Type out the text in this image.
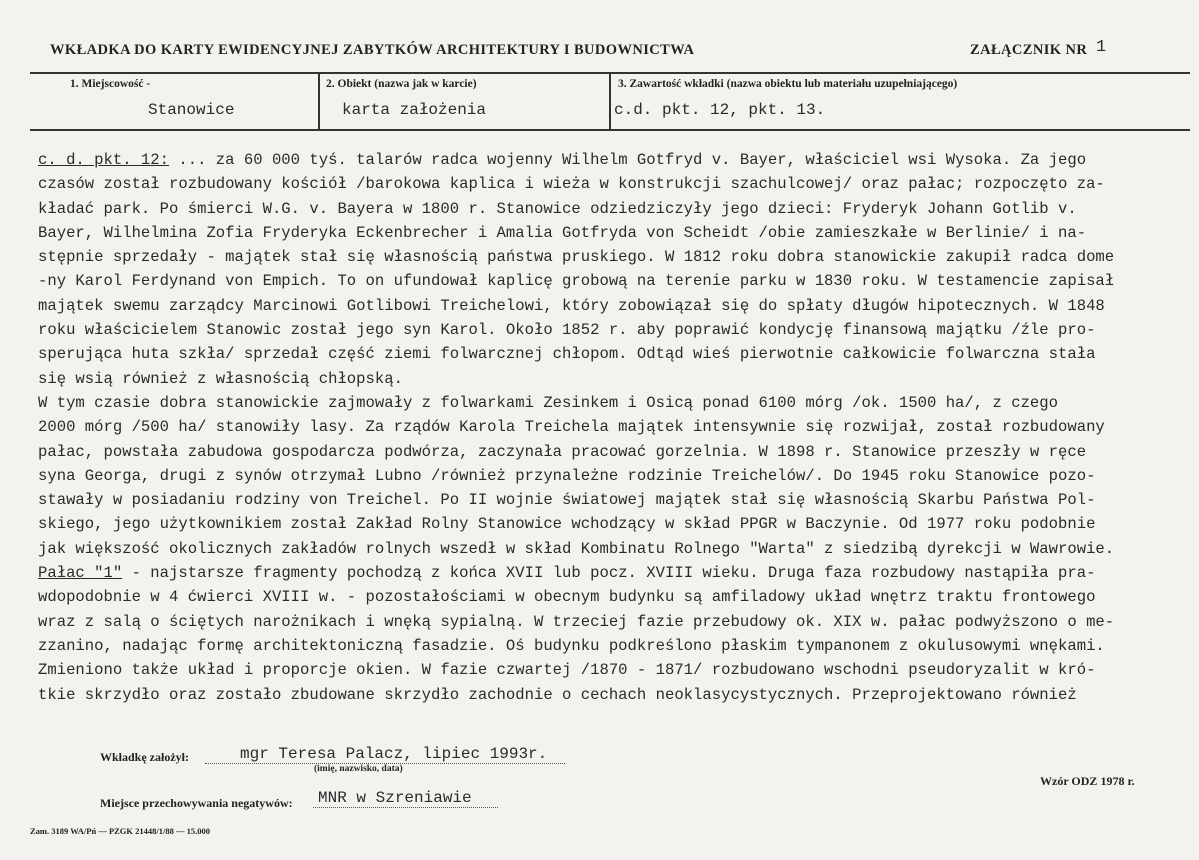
WKŁADKA DO KARTY EWIDENCYJNEJ ZABYTKÓW ARCHITEKTURY I BUDOWNICTWA	ZAŁĄCZNIK NR 1
1. Miejscowość -
Stanowice
2. Obiekt (nazwa jak w karcie)
karta założenia
3. Zawartość wkładki (nazwa obiektu lub materiału uzupełniającego)
c.d. pkt. 12, pkt. 13.
c. d. pkt. 12: ... za 60 000 tyś. talarów radca wojenny Wilhelm Gotfryd v. Bayer, właściciel wsi Wysoka. Za jego
czasów został rozbudowany kościół /barokowa kaplica i wieża w konstrukcji szachulcowej/ oraz pałac; rozpoczęto za-
kładać park. Po śmierci W.G. v. Bayera w 1800 r. Stanowice odziedziczyły jego dzieci: Fryderyk Johann Gotlib v.
Bayer, Wilhelmina Zofia Fryderyka Eckenbrecher i Amalia Gotfryda von Scheidt /obie zamieszkałe w Berlinie/ i na-
stępnie sprzedały - majątek stał się własnością państwa pruskiego. W 1812 roku dobra stanowickie zakupił radca dome
-ny Karol Ferdynand von Empich. To on ufundował kaplicę grobową na terenie parku w 1830 roku. W testamencie zapisał
majątek swemu zarządcy Marcinowi Gotlibowi Treichelowi, który zobowiązał się do spłaty długów hipotecznych. W 1848
roku właścicielem Stanowic został jego syn Karol. Około 1852 r. aby poprawić kondycję finansową majątku /źle pro-
sperująca huta szkła/ sprzedał część ziemi folwarcznej chłopom. Odtąd wieś pierwotnie całkowicie folwarczna stała
się wsią również z własnością chłopską.
W tym czasie dobra stanowickie zajmowały z folwarkami Zesinkem i Osicą ponad 6100 mórg /ok. 1500 ha/, z czego
2000 mórg /500 ha/ stanowiły lasy. Za rządów Karola Treichela majątek intensywnie się rozwijał, został rozbudowany
pałac, powstała zabudowa gospodarcza podwórza, zaczynała pracować gorzelnia. W 1898 r. Stanowice przeszły w ręce
syna Georga, drugi z synów otrzymał Lubno /również przynależne rodzinie Treichelów/. Do 1945 roku Stanowice pozo-
stawały w posiadaniu rodziny von Treichel. Po II wojnie światowej majątek stał się własnością Skarbu Państwa Pol-
skiego, jego użytkownikiem został Zakład Rolny Stanowice wchodzący w skład PPGR w Baczynie. Od 1977 roku podobnie
jak większość okolicznych zakładów rolnych wszedł w skład Kombinatu Rolnego "Warta" z siedzibą dyrekcji w Wawrowie.
Pałac "1" - najstarsze fragmenty pochodzą z końca XVII lub pocz. XVIII wieku. Druga faza rozbudowy nastąpiła pra-
wdopodobnie w 4 ćwierci XVIII w. - pozostałościami w obecnym budynku są amfiladowy układ wnętrz traktu frontowego
wraz z salą o ściętych narożnikach i wnęką sypialną. W trzeciej fazie przebudowy ok. XIX w. pałac podwyższono o me-
zzanino, nadając formę architektoniczną fasadzie. Oś budynku podkreślono płaskim tympanonem z okulusowymi wnękami.
Zmieniono także układ i proporcje okien. W fazie czwartej /1870 - 1871/ rozbudowano wschodni pseudoryzalit w kró-
tkie skrzydło oraz zostało zbudowane skrzydło zachodnie o cechach neoklasycystycznych. Przeprojektowano również
Wkładkę założył:	mgr Teresa Palacz, lipiec 1993r.
(imię, nazwisko, data)
Wzór ODZ 1978 r.
Miejsce przechowywania negatywów: MNR w Szreniawie
Zam. 3189 WA/Pń — PZGK 21448/1/88 — 15.000
